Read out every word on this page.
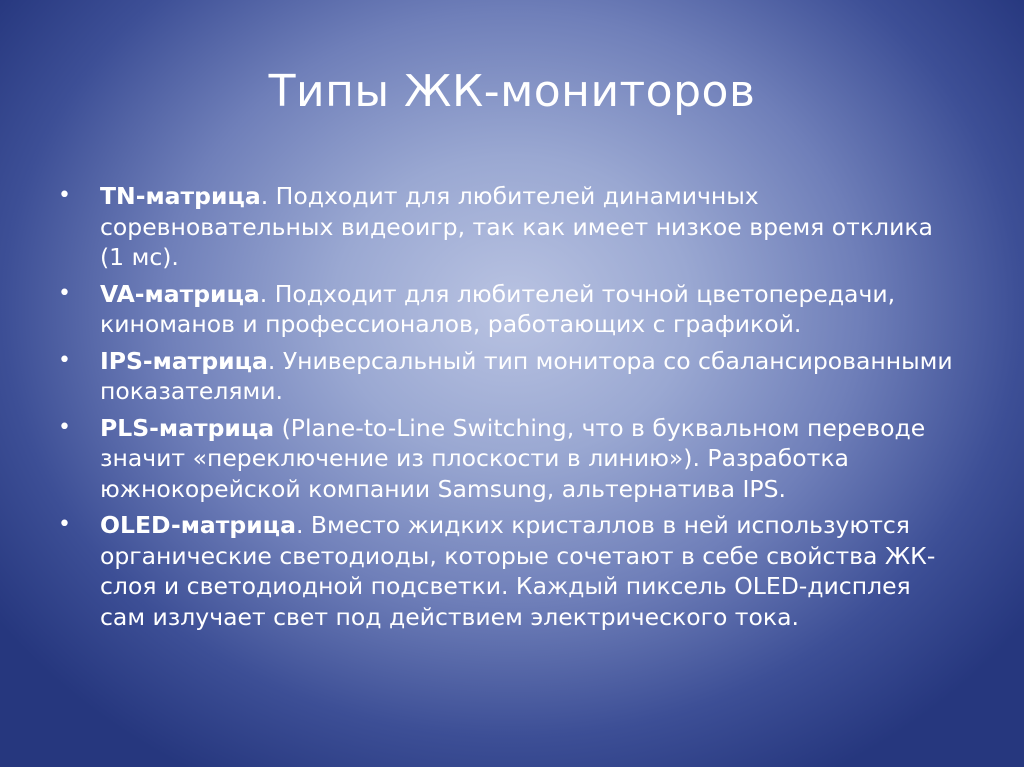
Типы ЖК-мониторов
• TN-матрица. Подходит для любителей динамичных соревновательных видеоигр, так как имеет низкое время отклика (1 мс).
• VA-матрица. Подходит для любителей точной цветопередачи, киноманов и профессионалов, работающих с графикой.
• IPS-матрица. Универсальный тип монитора со сбалансированными показателями.
• PLS-матрица (Plane-to-Line Switching, что в буквальном переводе значит «переключение из плоскости в линию»). Разработка южнокорейской компании Samsung, альтернатива IPS.
• OLED-матрица. Вместо жидких кристаллов в ней используются органические светодиоды, которые сочетают в себе свойства ЖК-слоя и светодиодной подсветки. Каждый пиксель OLED-дисплея сам излучает свет под действием электрического тока.
